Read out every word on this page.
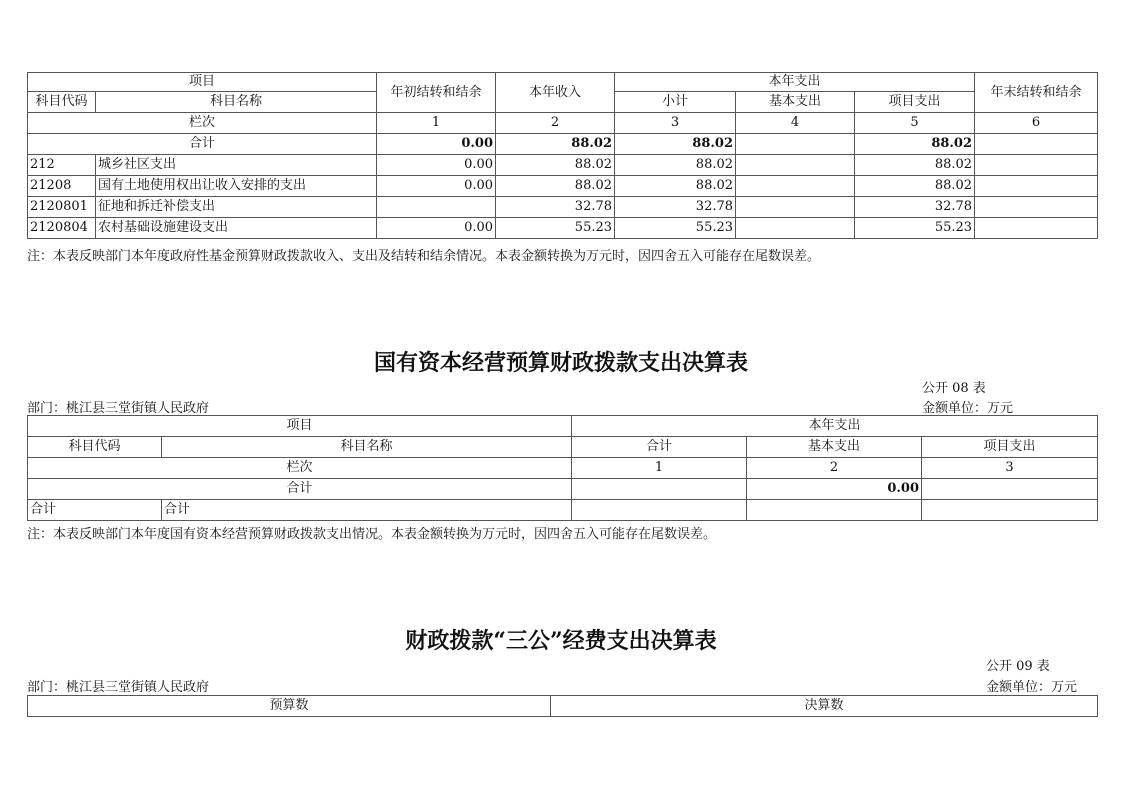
项目		年初结转和结余	本年收入	本年支出			年末结转和结余
科目代码	科目名称			小计	基本支出	项目支出	
栏次		1	2	3	4	5	6
合计		0.00	88.02	88.02		88.02	
212	城乡社区支出	0.00	88.02	88.02		88.02	
21208	国有土地使用权出让收入安排的支出	0.00	88.02	88.02		88.02	
2120801	征地和拆迁补偿支出		32.78	32.78		32.78	
2120804	农村基础设施建设支出	0.00	55.23	55.23		55.23	
注：本表反映部门本年度政府性基金预算财政拨款收入、支出及结转和结余情况。本表金额转换为万元时，因四舍五入可能存在尾数误差。
国有资本经营预算财政拨款支出决算表
公开 08 表
部门：桃江县三堂街镇人民政府	金额单位：万元
项目		本年支出		
科目代码	科目名称	合计	基本支出	项目支出
栏次		1	2	3
合计			0.00	
合计	合计			
注：本表反映部门本年度国有资本经营预算财政拨款支出情况。本表金额转换为万元时，因四舍五入可能存在尾数误差。
财政拨款“三公”经费支出决算表
公开 09 表
部门：桃江县三堂街镇人民政府	金额单位：万元
预算数	决算数
